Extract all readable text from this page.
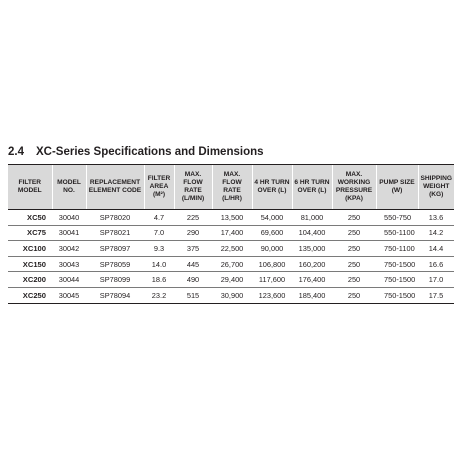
2.4 XC-Series Specifications and Dimensions
FILTER MODEL	MODEL NO.	REPLACEMENT ELEMENT CODE	FILTER AREA (M²)	MAX. FLOW RATE (L/MIN)	MAX. FLOW RATE (L/HR)	4 HR TURN OVER (L)	6 HR TURN OVER (L)	MAX. WORKING PRESSURE (KPA)	PUMP SIZE (W)	SHIPPING WEIGHT (KG)
XC50	30040	SP78020	4.7	225	13,500	54,000	81,000	250	550-750	13.6
XC75	30041	SP78021	7.0	290	17,400	69,600	104,400	250	550-1100	14.2
XC100	30042	SP78097	9.3	375	22,500	90,000	135,000	250	750-1100	14.4
XC150	30043	SP78059	14.0	445	26,700	106,800	160,200	250	750-1500	16.6
XC200	30044	SP78099	18.6	490	29,400	117,600	176,400	250	750-1500	17.0
XC250	30045	SP78094	23.2	515	30,900	123,600	185,400	250	750-1500	17.5
